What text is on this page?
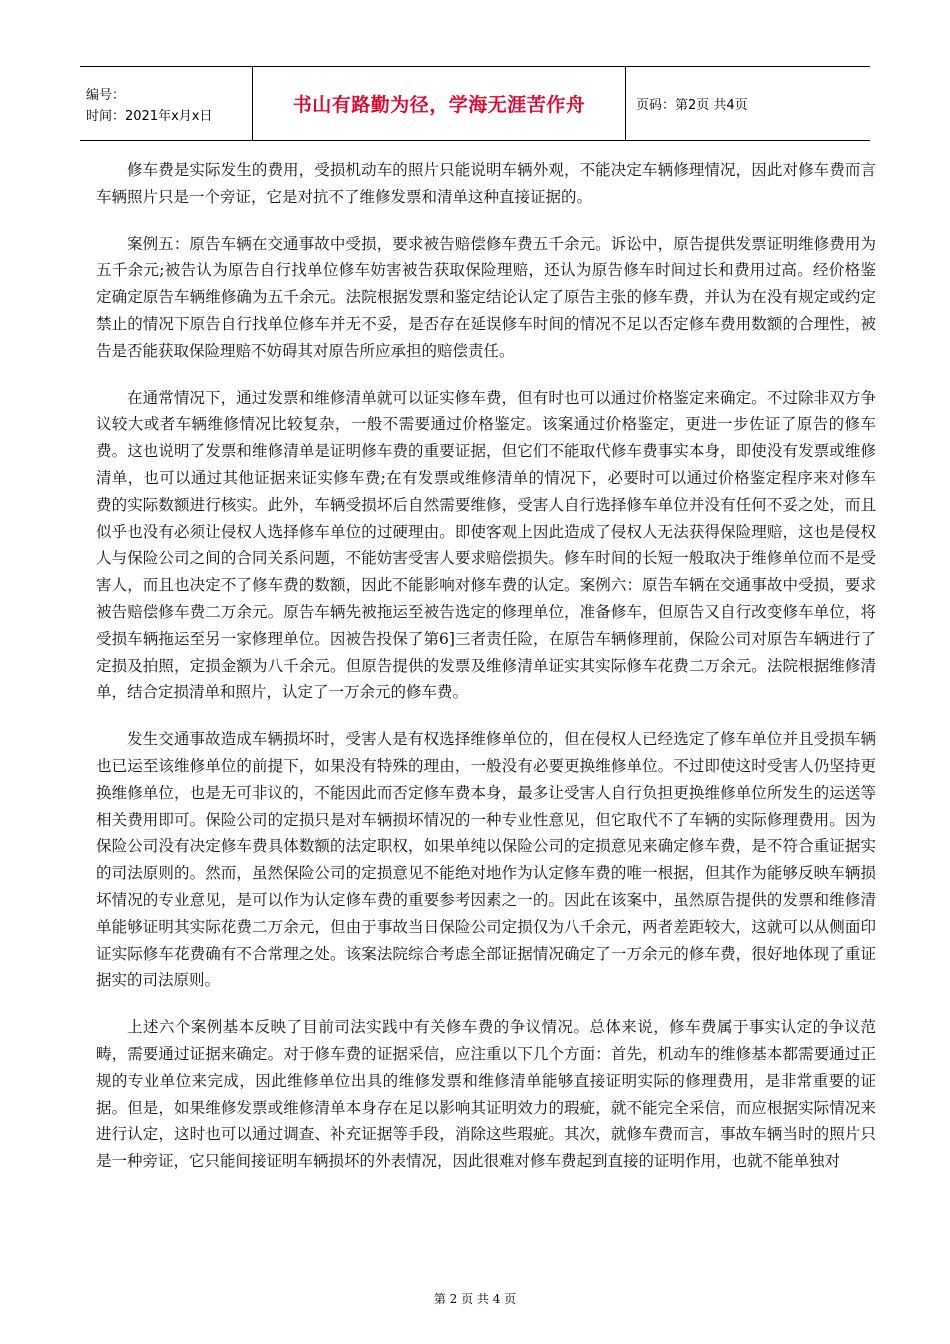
编号：
时间：2021年x月x日	书山有路勤为径，学海无涯苦作舟	页码：第2页 共4页

修车费是实际发生的费用，受损机动车的照片只能说明车辆外观，不能决定车辆修理情况，因此对修车费而言车辆照片只是一个旁证，它是对抗不了维修发票和清单这种直接证据的。

案例五：原告车辆在交通事故中受损，要求被告赔偿修车费五千余元。诉讼中，原告提供发票证明维修费用为五千余元;被告认为原告自行找单位修车妨害被告获取保险理赔，还认为原告修车时间过长和费用过高。经价格鉴定确定原告车辆维修确为五千余元。法院根据发票和鉴定结论认定了原告主张的修车费，并认为在没有规定或约定禁止的情况下原告自行找单位修车并无不妥，是否存在延误修车时间的情况不足以否定修车费用数额的合理性，被告是否能获取保险理赔不妨碍其对原告所应承担的赔偿责任。

在通常情况下，通过发票和维修清单就可以证实修车费，但有时也可以通过价格鉴定来确定。不过除非双方争议较大或者车辆维修情况比较复杂，一般不需要通过价格鉴定。该案通过价格鉴定，更进一步佐证了原告的修车费。这也说明了发票和维修清单是证明修车费的重要证据，但它们不能取代修车费事实本身，即使没有发票或维修清单，也可以通过其他证据来证实修车费;在有发票或维修清单的情况下，必要时可以通过价格鉴定程序来对修车费的实际数额进行核实。此外，车辆受损坏后自然需要维修，受害人自行选择修车单位并没有任何不妥之处，而且似乎也没有必须让侵权人选择修车单位的过硬理由。即使客观上因此造成了侵权人无法获得保险理赔，这也是侵权人与保险公司之间的合同关系问题，不能妨害受害人要求赔偿损失。修车时间的长短一般取决于维修单位而不是受害人，而且也决定不了修车费的数额，因此不能影响对修车费的认定。案例六：原告车辆在交通事故中受损，要求被告赔偿修车费二万余元。原告车辆先被拖运至被告选定的修理单位，准备修车，但原告又自行改变修车单位，将受损车辆拖运至另一家修理单位。因被告投保了第6]三者责任险，在原告车辆修理前，保险公司对原告车辆进行了定损及拍照，定损金额为八千余元。但原告提供的发票及维修清单证实其实际修车花费二万余元。法院根据维修清单，结合定损清单和照片，认定了一万余元的修车费。

发生交通事故造成车辆损坏时，受害人是有权选择维修单位的，但在侵权人已经选定了修车单位并且受损车辆也已运至该维修单位的前提下，如果没有特殊的理由，一般没有必要更换维修单位。不过即使这时受害人仍坚持更换维修单位，也是无可非议的，不能因此而否定修车费本身，最多让受害人自行负担更换维修单位所发生的运送等相关费用即可。保险公司的定损只是对车辆损坏情况的一种专业性意见，但它取代不了车辆的实际修理费用。因为保险公司没有决定修车费具体数额的法定职权，如果单纯以保险公司的定损意见来确定修车费，是不符合重证据实的司法原则的。然而，虽然保险公司的定损意见不能绝对地作为认定修车费的唯一根据，但其作为能够反映车辆损坏情况的专业意见，是可以作为认定修车费的重要参考因素之一的。因此在该案中，虽然原告提供的发票和维修清单能够证明其实际花费二万余元，但由于事故当日保险公司定损仅为八千余元，两者差距较大，这就可以从侧面印证实际修车花费确有不合常理之处。该案法院综合考虑全部证据情况确定了一万余元的修车费，很好地体现了重证据实的司法原则。

上述六个案例基本反映了目前司法实践中有关修车费的争议情况。总体来说，修车费属于事实认定的争议范畴，需要通过证据来确定。对于修车费的证据采信，应注重以下几个方面：首先，机动车的维修基本都需要通过正规的专业单位来完成，因此维修单位出具的维修发票和维修清单能够直接证明实际的修理费用，是非常重要的证据。但是，如果维修发票或维修清单本身存在足以影响其证明效力的瑕疵，就不能完全采信，而应根据实际情况来进行认定，这时也可以通过调查、补充证据等手段，消除这些瑕疵。其次，就修车费而言，事故车辆当时的照片只是一种旁证，它只能间接证明车辆损坏的外表情况，因此很难对修车费起到直接的证明作用，也就不能单独对

第 2 页 共 4 页
